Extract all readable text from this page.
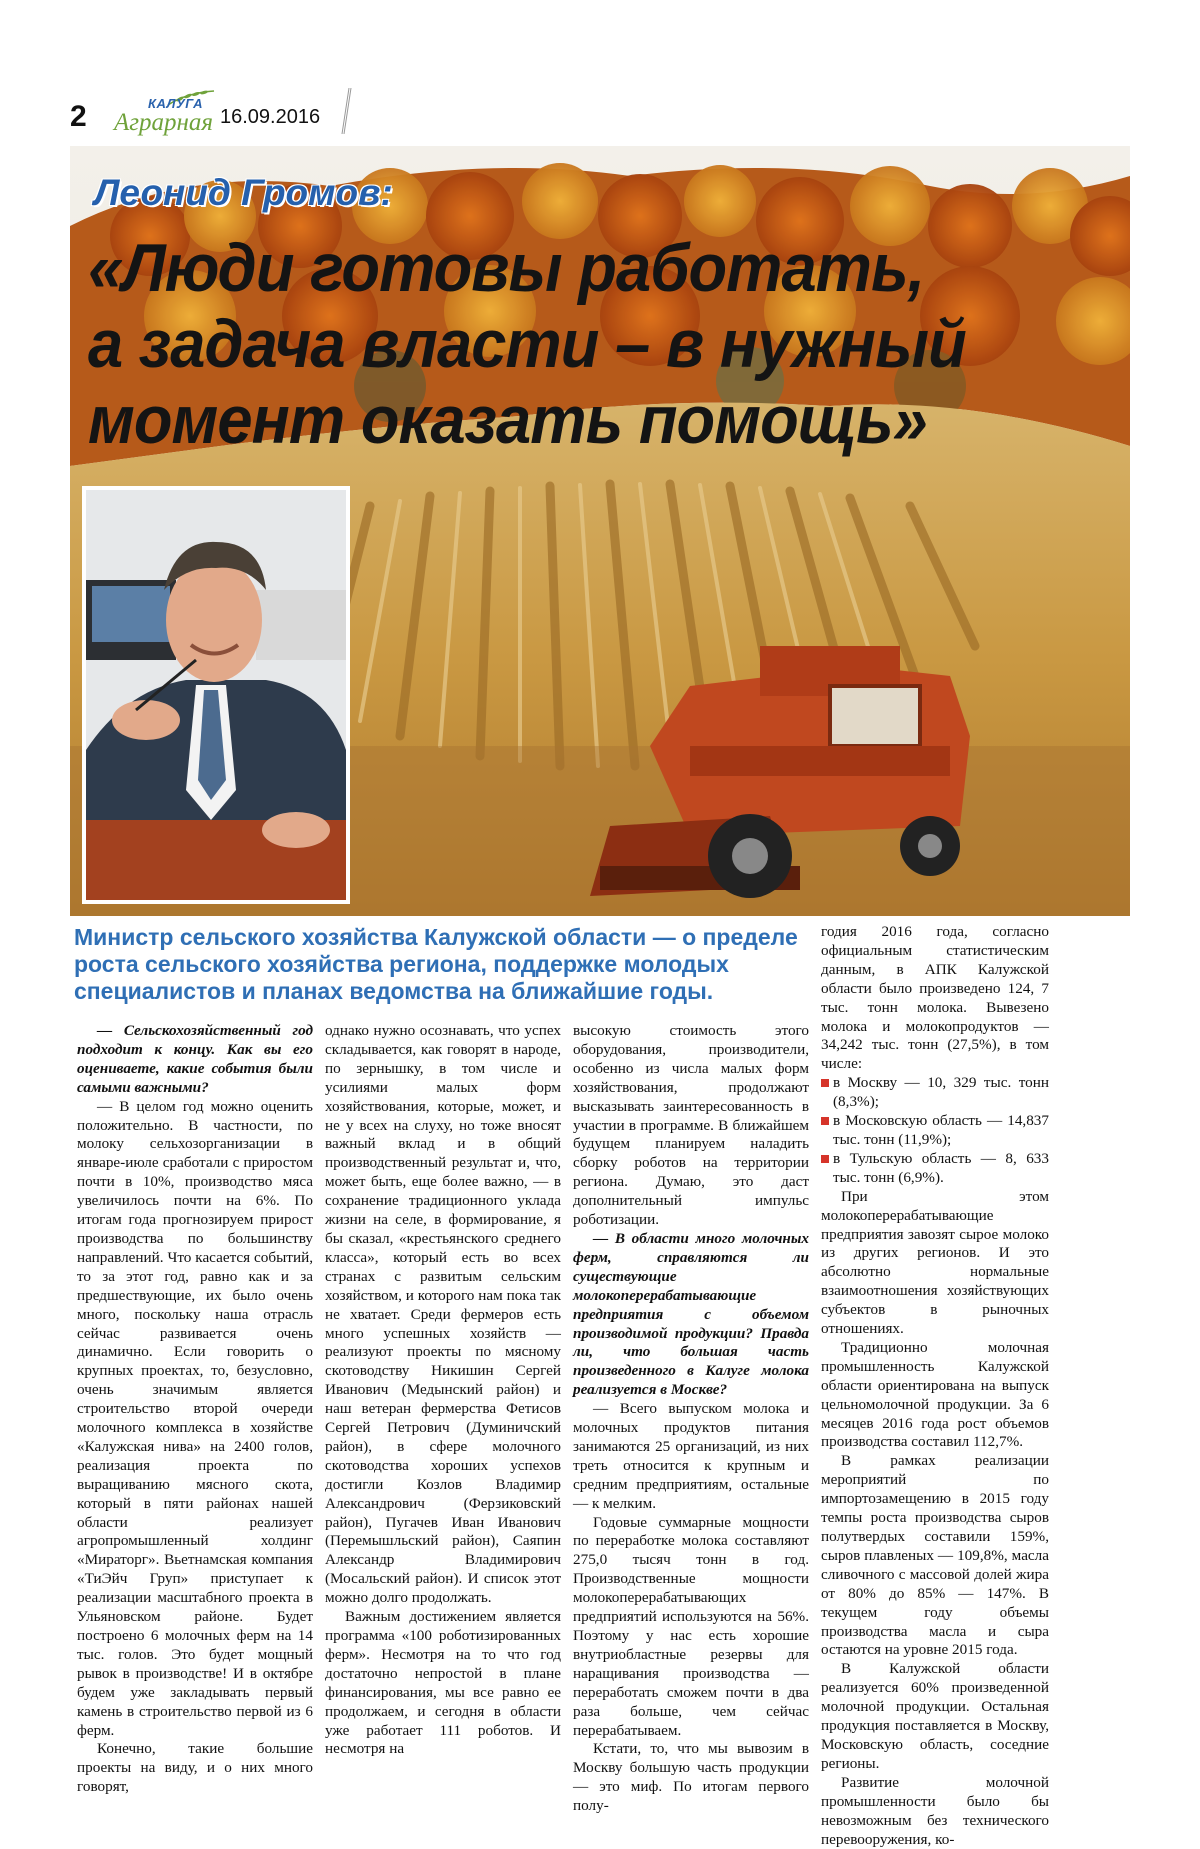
2	КАЛУГА
Аграрная 16.09.2016
Леонид Громов:
«Люди готовы работать,
а задача власти – в нужный
момент оказать помощь»

Министр сельского хозяйства Калужской области — о пределе роста сельского хозяйства региона, поддержке молодых специалистов и планах ведомства на ближайшие годы.

— Сельскохозяйственный год подходит к концу. Как вы его оцениваете, какие события были самыми важными?

— В целом год можно оценить положительно. В частности, по молоку сельхозорганизации в январе-июле сработали с приростом почти в 10%, производство мяса увеличилось почти на 6%. По итогам года прогнозируем прирост производства по большинству направлений. Что касается событий, то за этот год, равно как и за предшествующие, их было очень много, поскольку наша отрасль сейчас развивается очень динамично. Если говорить о крупных проектах, то, безусловно, очень значимым является строительство второй очереди молочного комплекса в хозяйстве «Калужская нива» на 2400 голов, реализация проекта по выращиванию мясного скота, который в пяти районах нашей области реализует агропромышленный холдинг «Мираторг». Вьетнамская компания «ТиЭйч Груп» приступает к реализации масштабного проекта в Ульяновском районе. Будет построено 6 молочных ферм на 14 тыс. голов. Это будет мощный рывок в производстве! И в октябре будем уже закладывать первый камень в строительство первой из 6 ферм.

Конечно, такие большие проекты на виду, и о них много говорят,

однако нужно осознавать, что успех складывается, как говорят в народе, по зернышку, в том числе и усилиями малых форм хозяйствования, которые, может, и не у всех на слуху, но тоже вносят важный вклад и в общий производственный результат и, что, может быть, еще более важно, — в сохранение традиционного уклада жизни на селе, в формирование, я бы сказал, «крестьянского среднего класса», который есть во всех странах с развитым сельским хозяйством, и которого нам пока так не хватает. Среди фермеров есть много успешных хозяйств — реализуют проекты по мясному скотоводству Никишин Сергей Иванович (Медынский район) и наш ветеран фермерства Фетисов Сергей Петрович (Думиничский район), в сфере молочного скотоводства хороших успехов достигли Козлов Владимир Александрович (Ферзиковский район), Пугачев Иван Иванович (Перемышльский район), Саяпин Александр Владимирович (Мосальский район). И список этот можно долго продолжать.

Важным достижением является программа «100 роботизированных ферм». Несмотря на то что год достаточно непростой в плане финансирования, мы все равно ее продолжаем, и сегодня в области уже работает 111 роботов. И несмотря на

высокую стоимость этого оборудования, производители, особенно из числа малых форм хозяйствования, продолжают высказывать заинтересованность в участии в программе. В ближайшем будущем планируем наладить сборку роботов на территории региона. Думаю, это даст дополнительный импульс роботизации.

— В области много молочных ферм, справляются ли существующие молокоперерабатывающие предприятия с объемом производимой продукции? Правда ли, что большая часть произведенного в Калуге молока реализуется в Москве?

— Всего выпуском молока и молочных продуктов питания занимаются 25 организаций, из них треть относится к крупным и средним предприятиям, остальные — к мелким.

Годовые суммарные мощности по переработке молока составляют 275,0 тысяч тонн в год. Производственные мощности молокоперерабатывающих предприятий используются на 56%. Поэтому у нас есть хорошие внутриобластные резервы для наращивания производства — переработать сможем почти в два раза больше, чем сейчас перерабатываем.

Кстати, то, что мы вывозим в Москву большую часть продукции — это миф. По итогам первого полу-

годия 2016 года, согласно официальным статистическим данным, в АПК Калужской области было произведено 124, 7 тыс. тонн молока. Вывезено молока и молокопродуктов — 34,242 тыс. тонн (27,5%), в том числе:

в Москву — 10, 329 тыс. тонн (8,3%);

в Московскую область — 14,837 тыс. тонн (11,9%);

в Тульскую область — 8, 633 тыс. тонн (6,9%).

При этом молокоперерабатывающие предприятия завозят сырое молоко из других регионов. И это абсолютно нормальные взаимоотношения хозяйствующих субъектов в рыночных отношениях.

Традиционно молочная промышленность Калужской области ориентирована на выпуск цельномолочной продукции. За 6 месяцев 2016 года рост объемов производства составил 112,7%.

В рамках реализации мероприятий по импортозамещению в 2015 году темпы роста производства сыров полутвердых составили 159%, сыров плавленых — 109,8%, масла сливочного с массовой долей жира от 80% до 85% — 147%. В текущем году объемы производства масла и сыра остаются на уровне 2015 года.

В Калужской области реализуется 60% произведенной молочной продукции. Остальная продукция поставляется в Москву, Московскую область, соседние регионы.

Развитие молочной промышленности было бы невозможным без технического перевооружения, ко-
